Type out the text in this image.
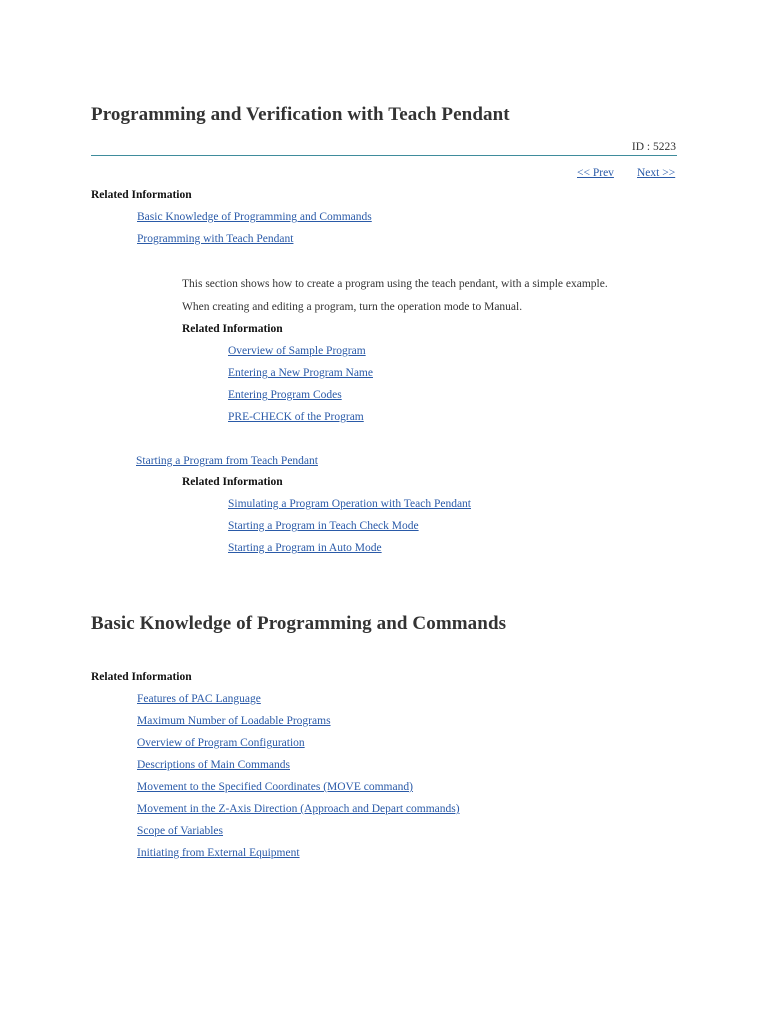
Programming and Verification with Teach Pendant
ID : 5223
<< Prev Next >>
Related Information
Basic Knowledge of Programming and Commands
Programming with Teach Pendant
This section shows how to create a program using the teach pendant, with a simple example.
When creating and editing a program, turn the operation mode to Manual.
Related Information
Overview of Sample Program
Entering a New Program Name
Entering Program Codes
PRE-CHECK of the Program
Starting a Program from Teach Pendant
Related Information
Simulating a Program Operation with Teach Pendant
Starting a Program in Teach Check Mode
Starting a Program in Auto Mode
Basic Knowledge of Programming and Commands
Related Information
Features of PAC Language
Maximum Number of Loadable Programs
Overview of Program Configuration
Descriptions of Main Commands
Movement to the Specified Coordinates (MOVE command)
Movement in the Z-Axis Direction (Approach and Depart commands)
Scope of Variables
Initiating from External Equipment
